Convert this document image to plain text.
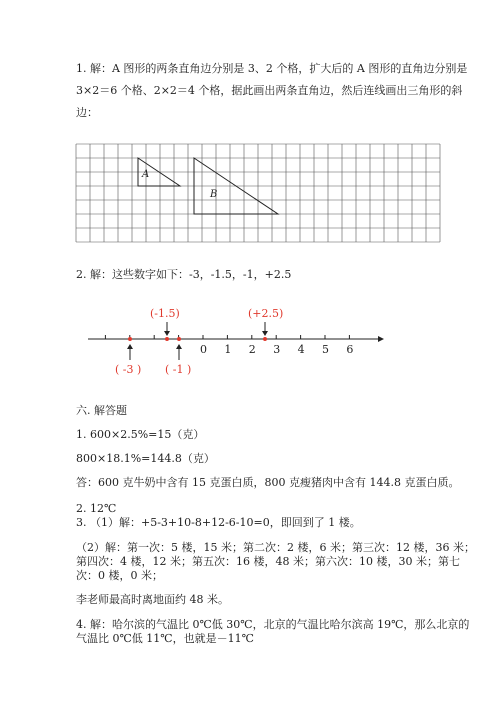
1. 解：A 图形的两条直角边分别是 3、2 个格，扩大后的 A 图形的直角边分别是
3×2＝6 个格、2×2＝4 个格，据此画出两条直角边，然后连线画出三角形的斜
边：
A
B
2. 解：这些数字如下：-3，-1.5，-1，+2.5
0 1 2 3 4 5 6
(-1.5)	(+2.5)
( -3 ) ( -1 )
六. 解答题
1. 600×2.5%=15（克）
800×18.1%=144.8（克）
答：600 克牛奶中含有 15 克蛋白质，800 克瘦猪肉中含有 144.8 克蛋白质。
2. 12℃
3. （1）解：+5-3+10-8+12-6-10=0，即回到了 1 楼。
（2）解：第一次：5 楼，15 米；第二次：2 楼，6 米；第三次：12 楼，36 米；
第四次：4 楼，12 米；第五次：16 楼，48 米；第六次：10 楼，30 米；第七
次：0 楼，0 米；
李老师最高时离地面约 48 米。
4. 解：哈尔滨的气温比 0℃低 30℃，北京的气温比哈尔滨高 19℃，那么北京的
气温比 0℃低 11℃，也就是－11℃
